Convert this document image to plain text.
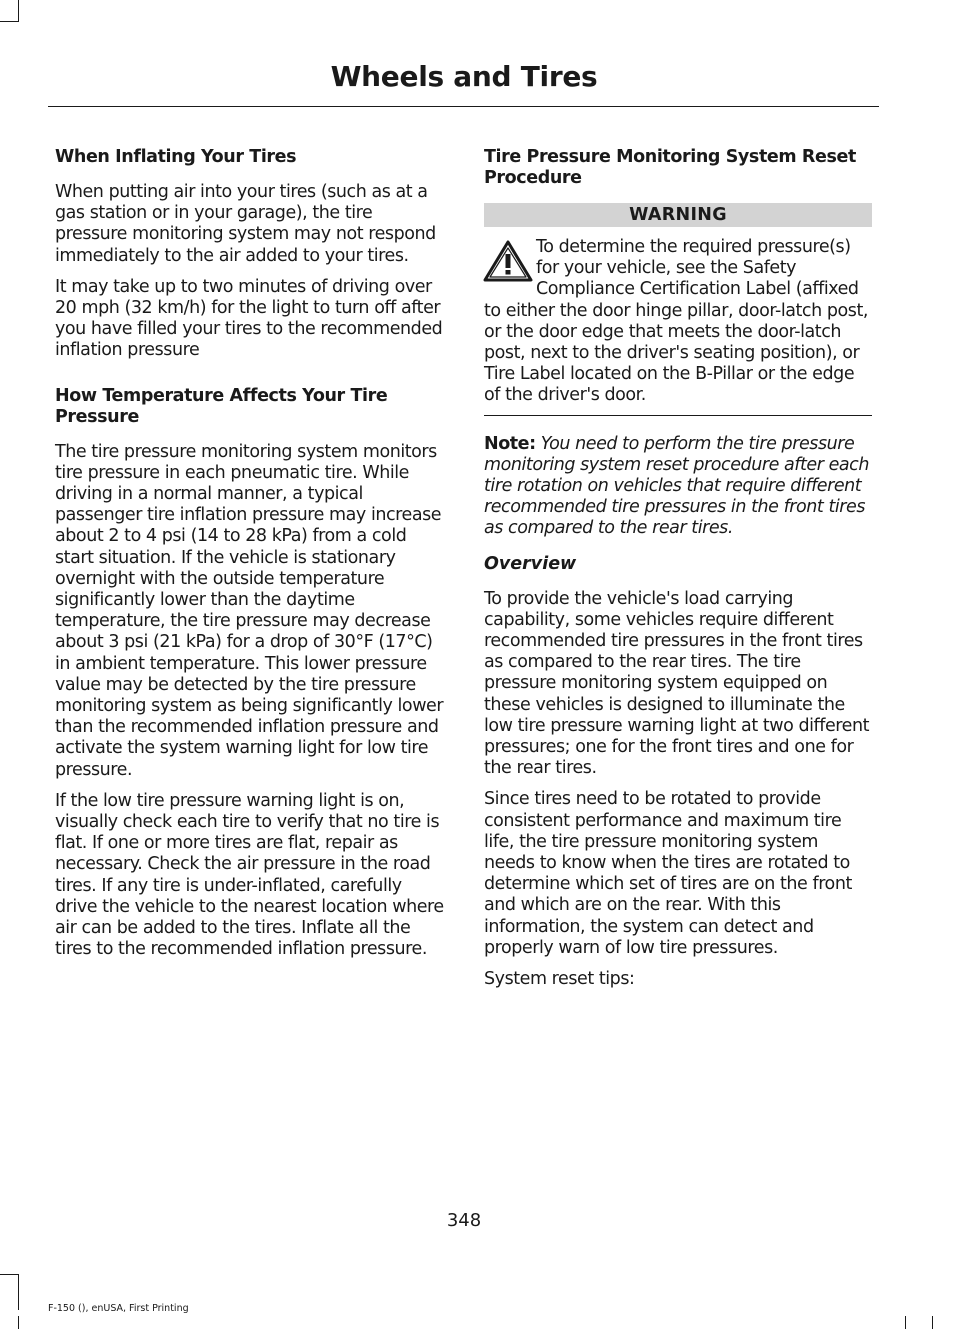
Wheels and Tires
When Inflating Your Tires
When putting air into your tires (such as at a gas station or in your garage), the tire pressure monitoring system may not respond immediately to the air added to your tires.
It may take up to two minutes of driving over 20 mph (32 km/h) for the light to turn off after you have filled your tires to the recommended inflation pressure
How Temperature Affects Your Tire Pressure
The tire pressure monitoring system monitors tire pressure in each pneumatic tire. While driving in a normal manner, a typical passenger tire inflation pressure may increase about 2 to 4 psi (14 to 28 kPa) from a cold start situation. If the vehicle is stationary overnight with the outside temperature significantly lower than the daytime temperature, the tire pressure may decrease about 3 psi (21 kPa) for a drop of 30°F (17°C) in ambient temperature. This lower pressure value may be detected by the tire pressure monitoring system as being significantly lower than the recommended inflation pressure and activate the system warning light for low tire pressure.
If the low tire pressure warning light is on, visually check each tire to verify that no tire is flat. If one or more tires are flat, repair as necessary. Check the air pressure in the road tires. If any tire is under-inflated, carefully drive the vehicle to the nearest location where air can be added to the tires. Inflate all the tires to the recommended inflation pressure.
Tire Pressure Monitoring System Reset Procedure
WARNING
To determine the required pressure(s) for your vehicle, see the Safety Compliance Certification Label (affixed to either the door hinge pillar, door-latch post, or the door edge that meets the door-latch post, next to the driver's seating position), or Tire Label located on the B-Pillar or the edge of the driver's door.
Note: You need to perform the tire pressure monitoring system reset procedure after each tire rotation on vehicles that require different recommended tire pressures in the front tires as compared to the rear tires.
Overview
To provide the vehicle's load carrying capability, some vehicles require different recommended tire pressures in the front tires as compared to the rear tires. The tire pressure monitoring system equipped on these vehicles is designed to illuminate the low tire pressure warning light at two different pressures; one for the front tires and one for the rear tires.
Since tires need to be rotated to provide consistent performance and maximum tire life, the tire pressure monitoring system needs to know when the tires are rotated to determine which set of tires are on the front and which are on the rear. With this information, the system can detect and properly warn of low tire pressures.
System reset tips:
348
F-150 (), enUSA, First Printing
